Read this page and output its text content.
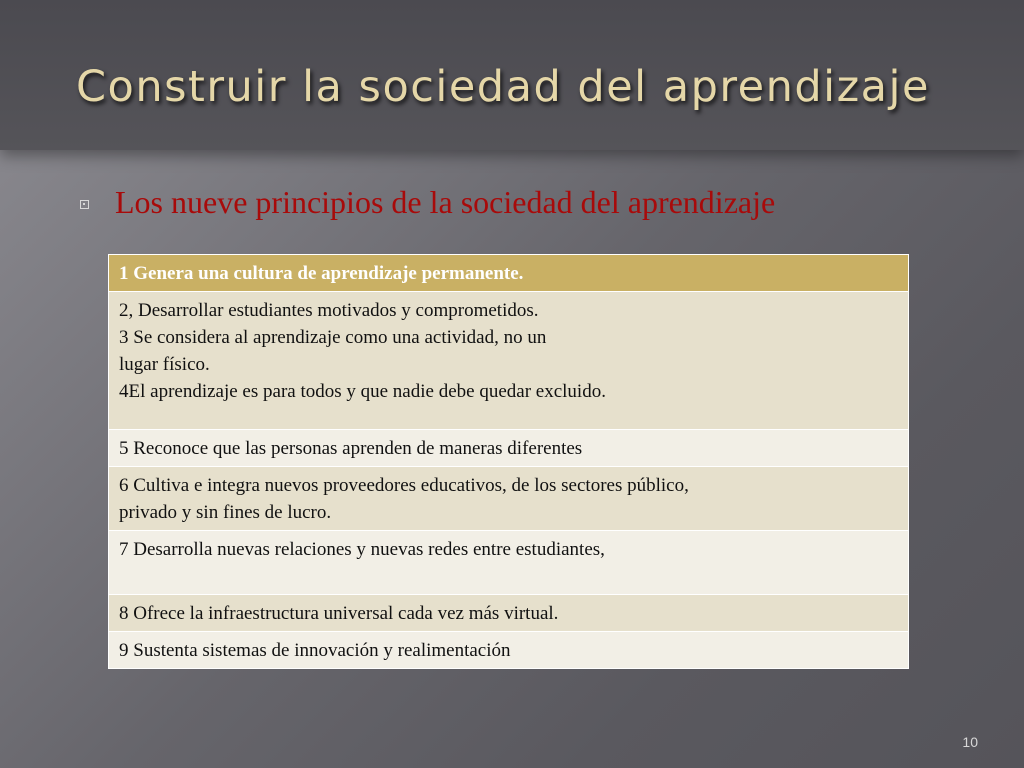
Construir la sociedad del aprendizaje
Los nueve principios de la sociedad del aprendizaje
1 Genera una cultura de aprendizaje permanente.

2, Desarrollar estudiantes motivados y comprometidos.
3 Se considera al aprendizaje como una actividad, no un
lugar físico.
4El aprendizaje es para todos y que nadie debe quedar excluido.

5 Reconoce que las personas aprenden de maneras diferentes

6 Cultiva e integra nuevos proveedores educativos, de los sectores público,
privado y sin fines de lucro.

7 Desarrolla nuevas relaciones y nuevas redes entre estudiantes,
8 Ofrece la infraestructura universal cada vez más virtual.
9 Sustenta sistemas de innovación y realimentación
10
